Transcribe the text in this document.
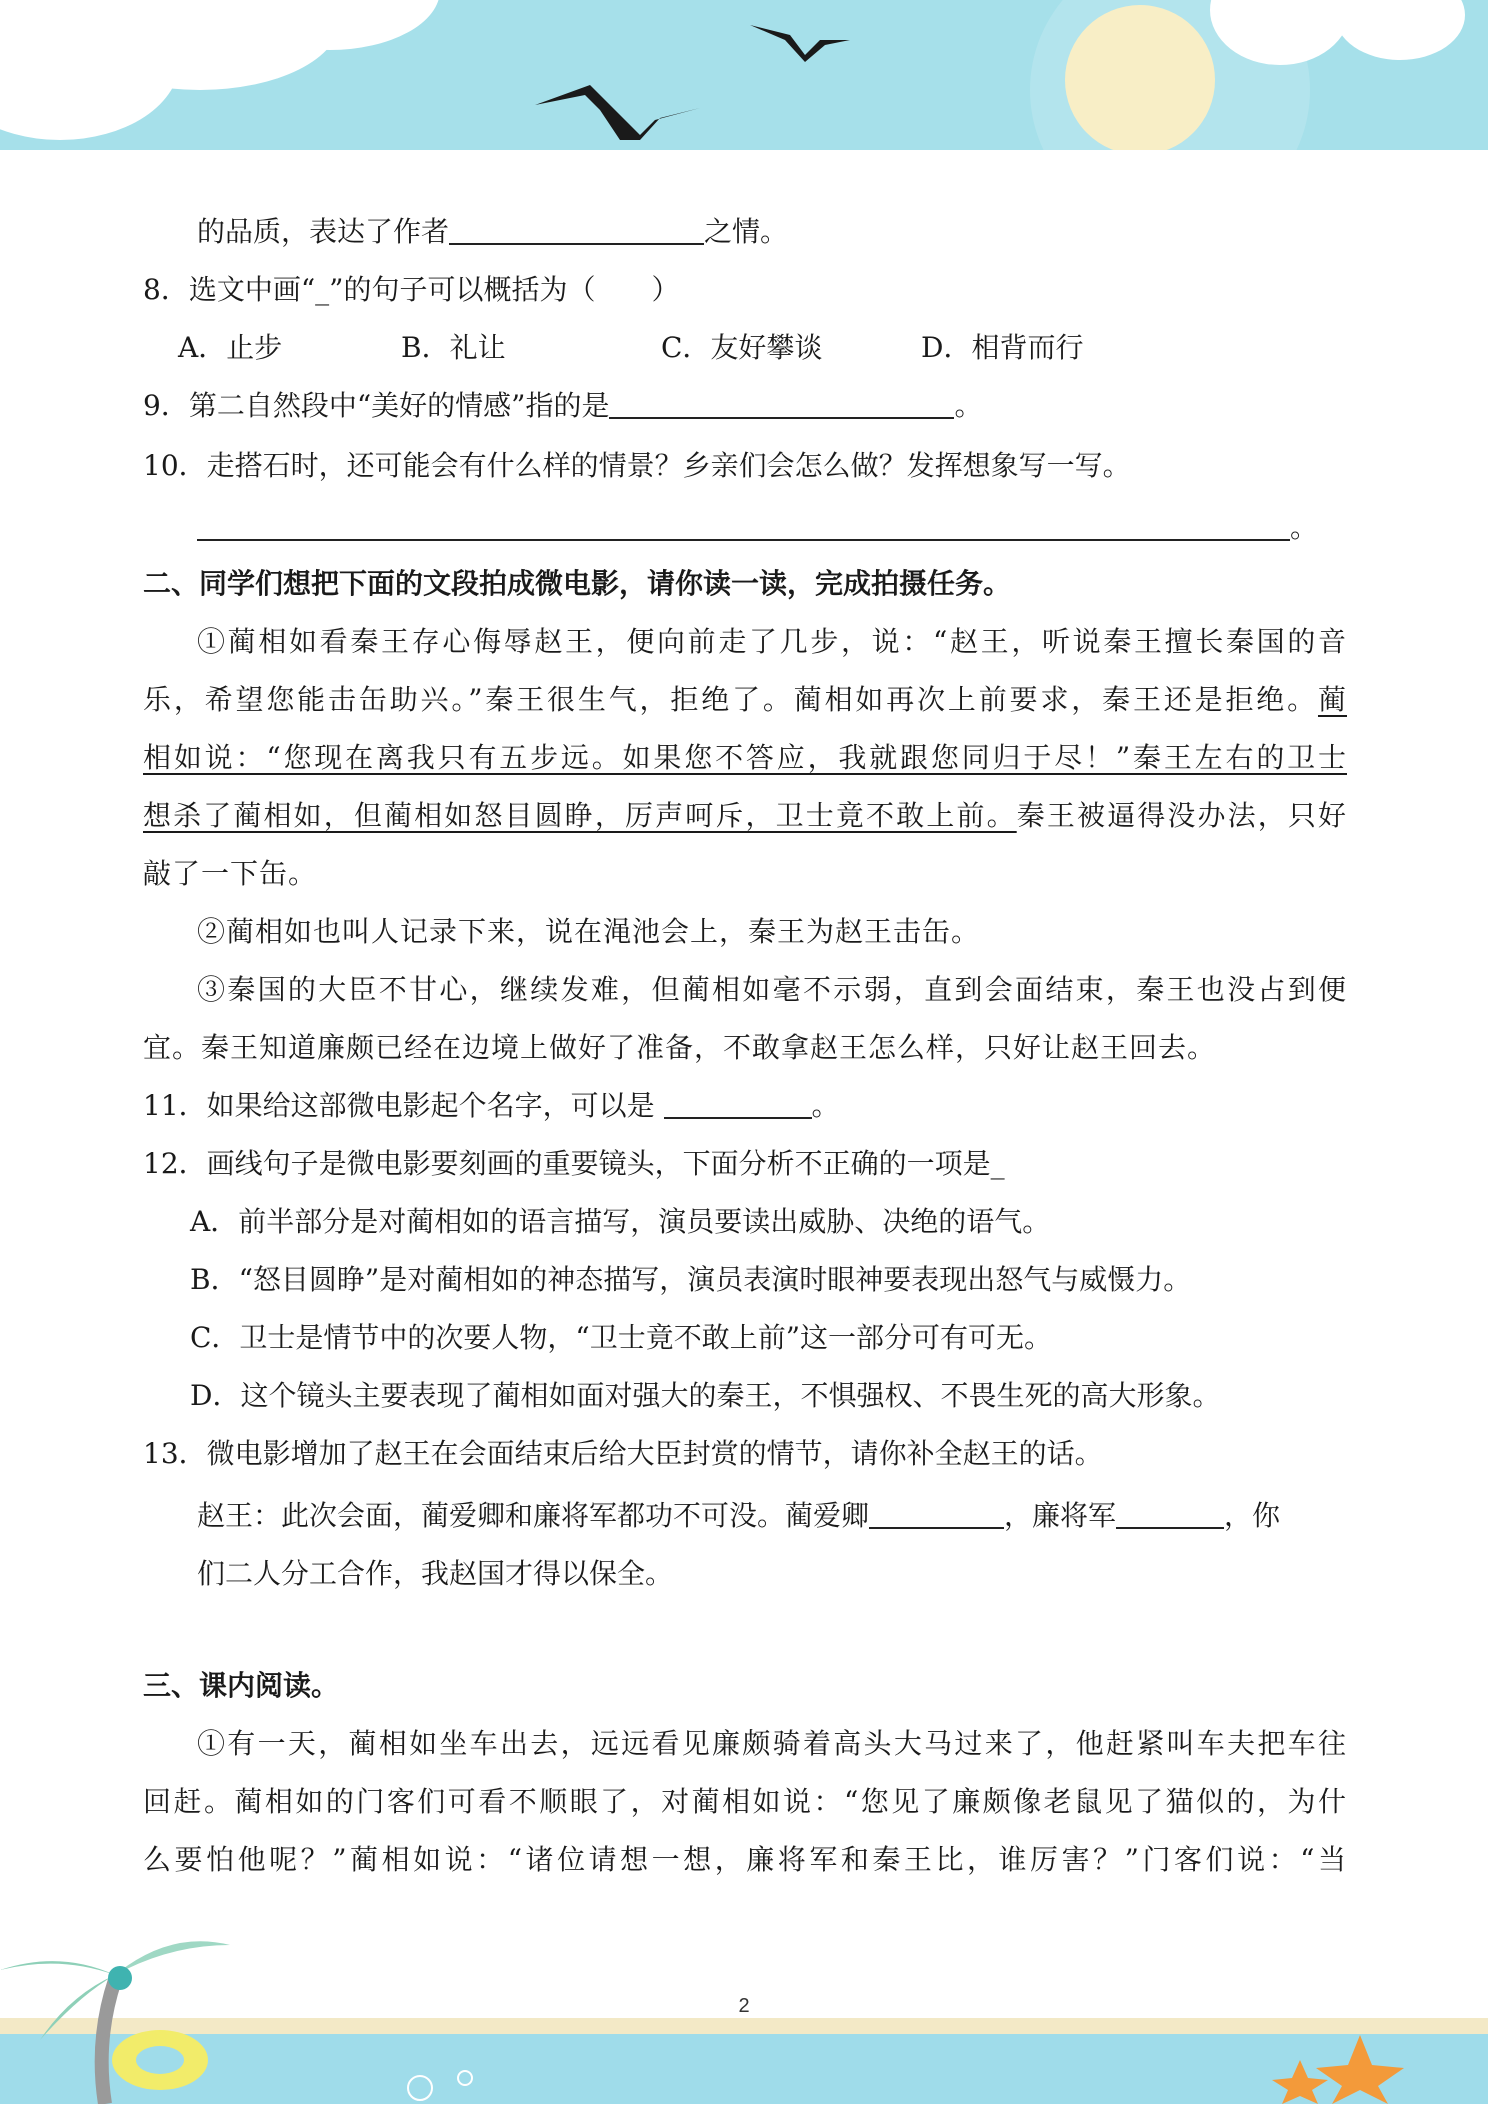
的品质，表达了作者	之情。
8．选文中画“_”的句子可以概括为（　　）
A．止步	B．礼让	C．友好攀谈	D．相背而行
9．第二自然段中“美好的情感”指的是	。
10．走搭石时，还可能会有什么样的情景？乡亲们会怎么做？发挥想象写一写。
。
二、同学们想把下面的文段拍成微电影，请你读一读，完成拍摄任务。
①蔺相如看秦王存心侮辱赵王，便向前走了几步，说：“赵王，听说秦王擅长秦国的音
乐，希望您能击缶助兴。”秦王很生气，拒绝了。蔺相如再次上前要求，秦王还是拒绝。蔺
相如说：“您现在离我只有五步远。如果您不答应，我就跟您同归于尽！”秦王左右的卫士
想杀了蔺相如，但蔺相如怒目圆睁，厉声呵斥，卫士竟不敢上前。秦王被逼得没办法，只好
敲了一下缶。
②蔺相如也叫人记录下来，说在渑池会上，秦王为赵王击缶。
③秦国的大臣不甘心，继续发难，但蔺相如毫不示弱，直到会面结束，秦王也没占到便
宜。秦王知道廉颇已经在边境上做好了准备，不敢拿赵王怎么样，只好让赵王回去。
11．如果给这部微电影起个名字，可以是	。
12．画线句子是微电影要刻画的重要镜头，下面分析不正确的一项是_
A．前半部分是对蔺相如的语言描写，演员要读出威胁、决绝的语气。
B．“怒目圆睁”是对蔺相如的神态描写，演员表演时眼神要表现出怒气与威慑力。
C．卫士是情节中的次要人物，“卫士竟不敢上前”这一部分可有可无。
D．这个镜头主要表现了蔺相如面对强大的秦王，不惧强权、不畏生死的高大形象。
13．微电影增加了赵王在会面结束后给大臣封赏的情节，请你补全赵王的话。
赵王：此次会面，蔺爱卿和廉将军都功不可没。蔺爱卿	，廉将军	，你
们二人分工合作，我赵国才得以保全。
三、课内阅读。
①有一天，蔺相如坐车出去，远远看见廉颇骑着高头大马过来了，他赶紧叫车夫把车往
回赶。蔺相如的门客们可看不顺眼了，对蔺相如说：“您见了廉颇像老鼠见了猫似的，为什
么要怕他呢？”蔺相如说：“诸位请想一想，廉将军和秦王比，谁厉害？”门客们说：“当
2
